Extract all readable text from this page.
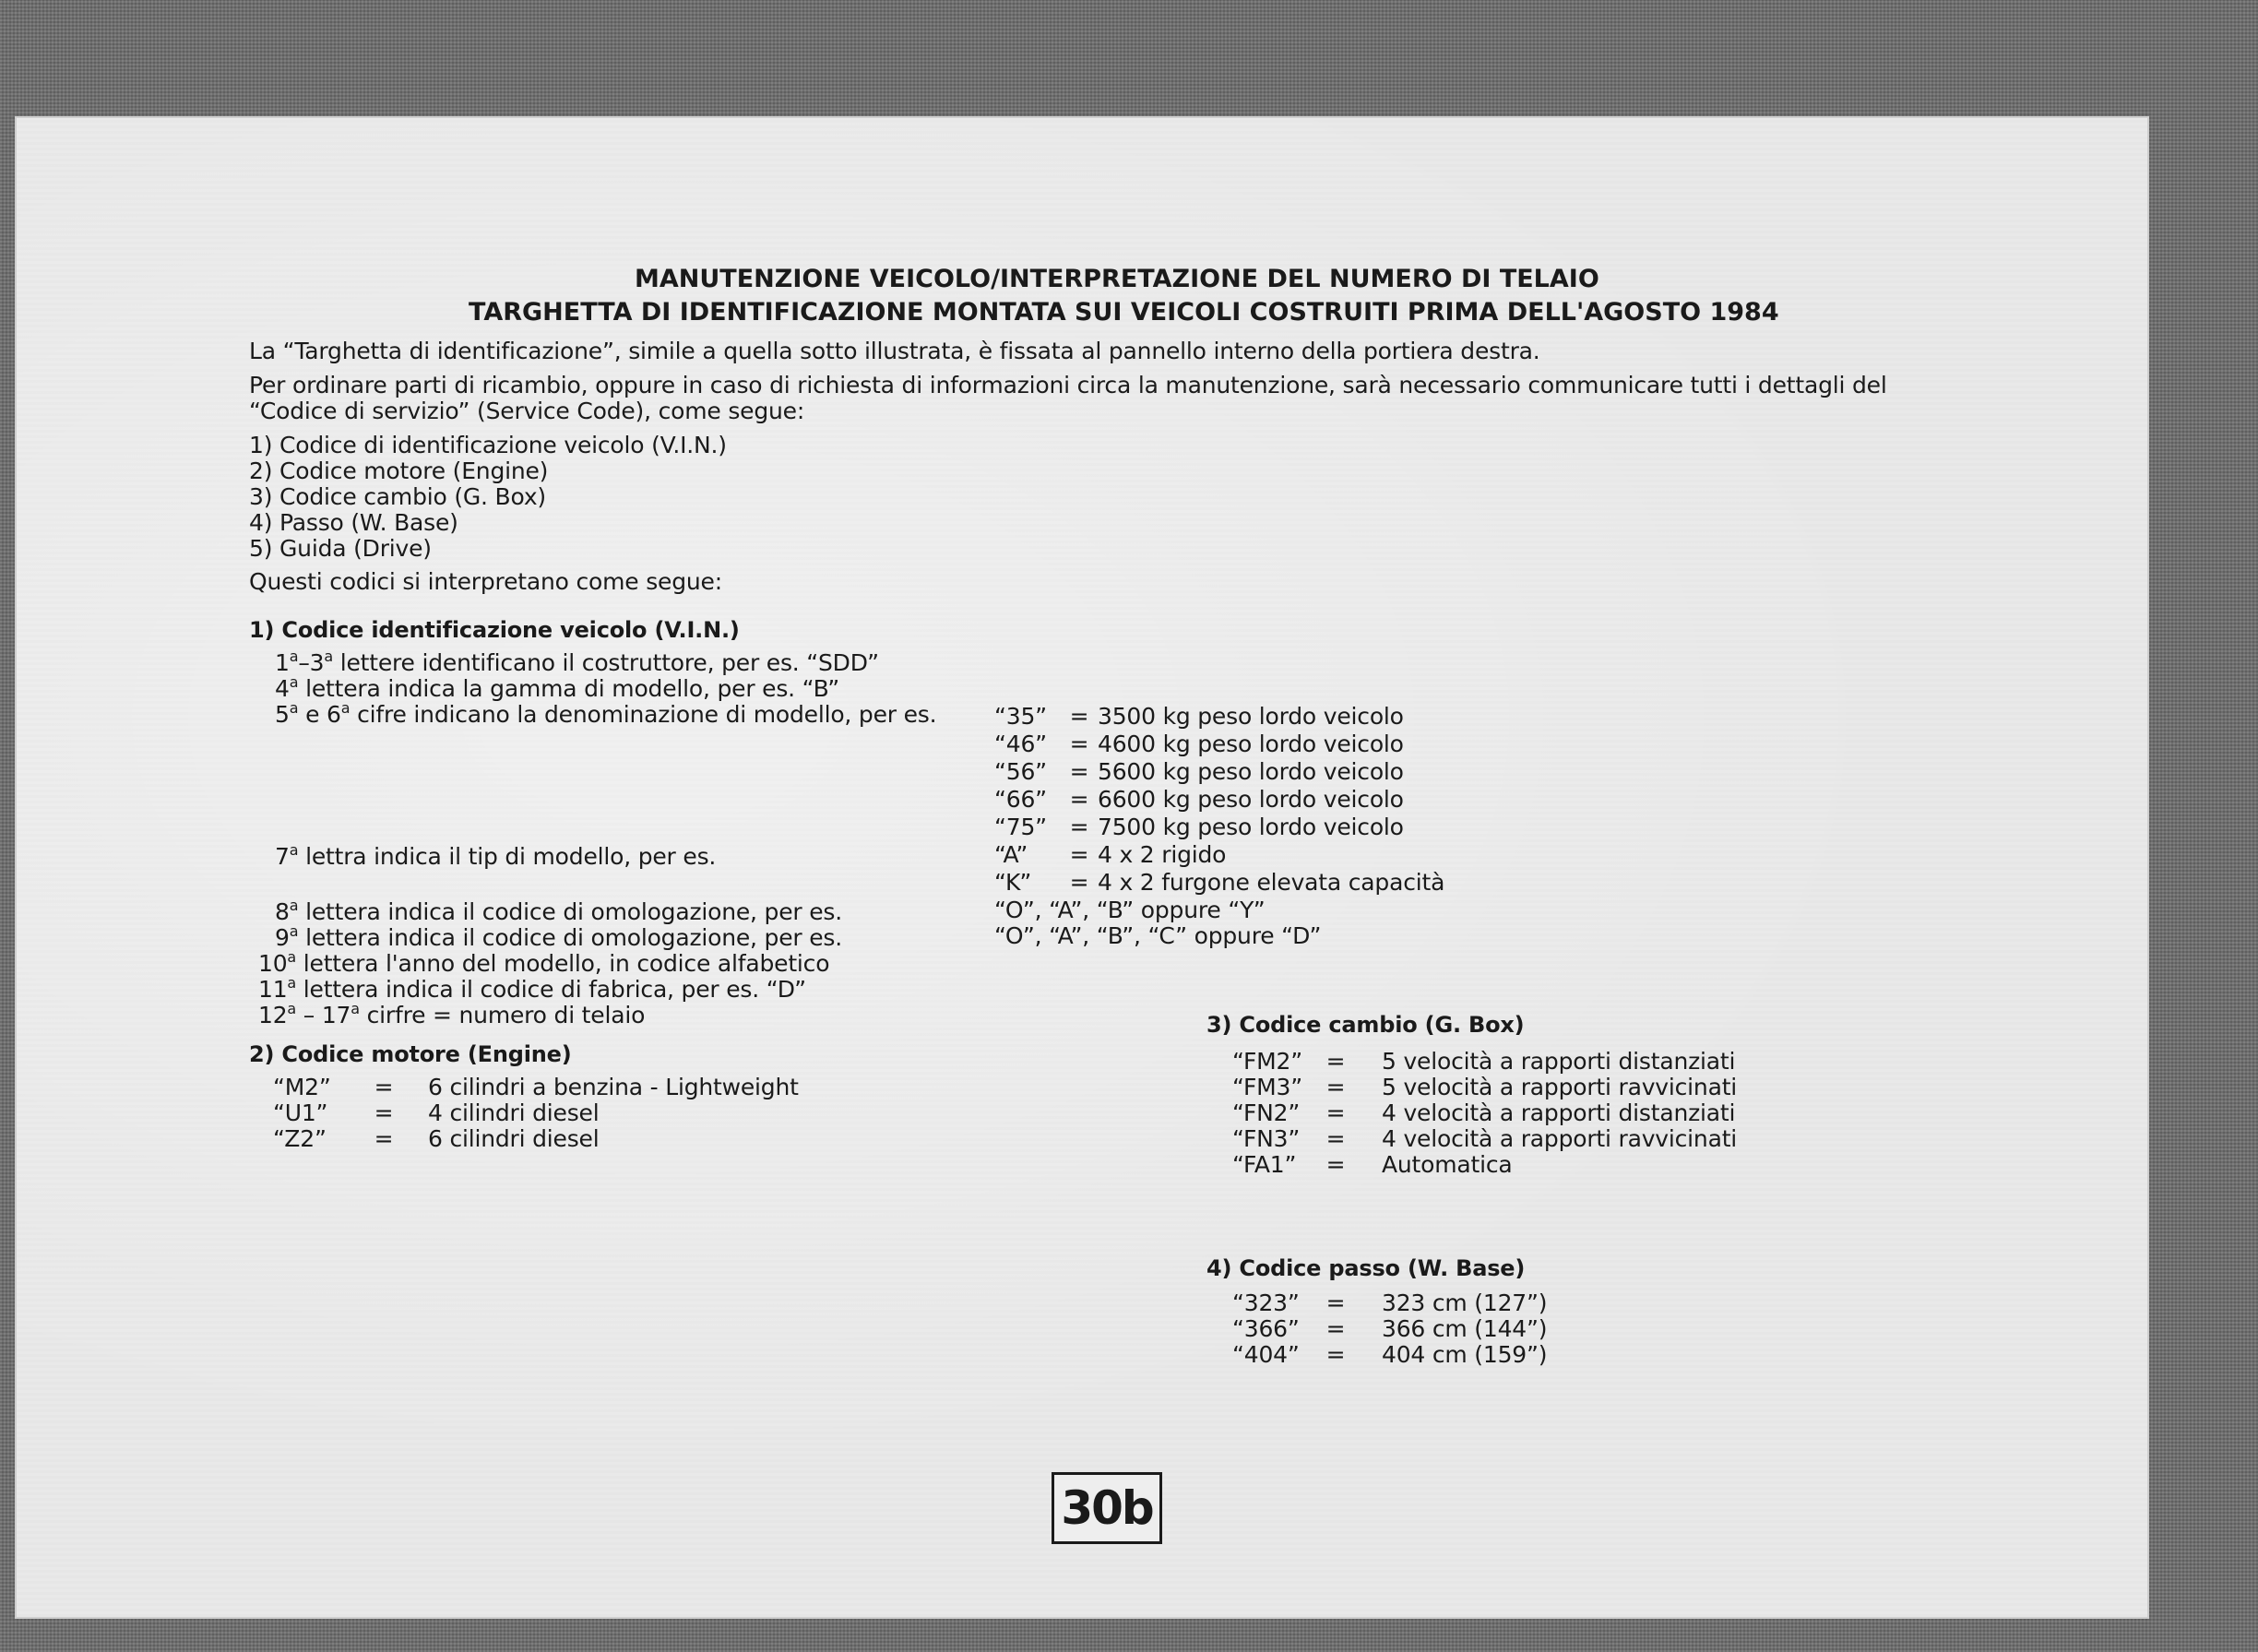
MANUTENZIONE VEICOLO/INTERPRETAZIONE DEL NUMERO DI TELAIO
TARGHETTA DI IDENTIFICAZIONE MONTATA SUI VEICOLI COSTRUITI PRIMA DELL'AGOSTO 1984
La “Targhetta di identificazione”, simile a quella sotto illustrata, è fissata al pannello interno della portiera destra.
Per ordinare parti di ricambio, oppure in caso di richiesta di informazioni circa la manutenzione, sarà necessario communicare tutti i dettagli del
“Codice di servizio” (Service Code), come segue:
1) Codice di identificazione veicolo (V.I.N.)
2) Codice motore (Engine)
3) Codice cambio (G. Box)
4) Passo (W. Base)
5) Guida (Drive)
Questi codici si interpretano come segue:
1) Codice identificazione veicolo (V.I.N.)
1$^a$–3$^a$ lettere identificano il costruttore, per es. “SDD”
4$^a$ lettera indica la gamma di modello, per es. “B”
5$^a$ e 6$^a$ cifre indicano la denominazione di modello, per es.	“35” = 3500 kg peso lordo veicolo
“46” = 4600 kg peso lordo veicolo
“56” = 5600 kg peso lordo veicolo
“66” = 6600 kg peso lordo veicolo
“75” = 7500 kg peso lordo veicolo
7$^a$ lettra indica il tip di modello, per es.	“A” = 4 x 2 rigido
“K” = 4 x 2 furgone elevata capacità
8$^a$ lettera indica il codice di omologazione, per es.	“O”, “A”, “B” oppure “Y”
9$^a$ lettera indica il codice di omologazione, per es.	“O”, “A”, “B”, “C” oppure “D”
10$^a$ lettera l'anno del modello, in codice alfabetico
11$^a$ lettera indica il codice di fabrica, per es. “D”
12$^a$ – 17$^a$ cirfre = numero di telaio	3) Codice cambio (G. Box)
“FM2” = 5 velocità a rapporti distanziati
“FM3” = 5 velocità a rapporti ravvicinati
“FN2” = 4 velocità a rapporti distanziati
“FN3” = 4 velocità a rapporti ravvicinati
“FA1” = Automatica
2) Codice motore (Engine)
“M2” = 6 cilindri a benzina - Lightweight
“U1” = 4 cilindri diesel
“Z2” = 6 cilindri diesel
4) Codice passo (W. Base)
“323” = 323 cm (127”)
“366” = 366 cm (144”)
“404” = 404 cm (159”)
30b
